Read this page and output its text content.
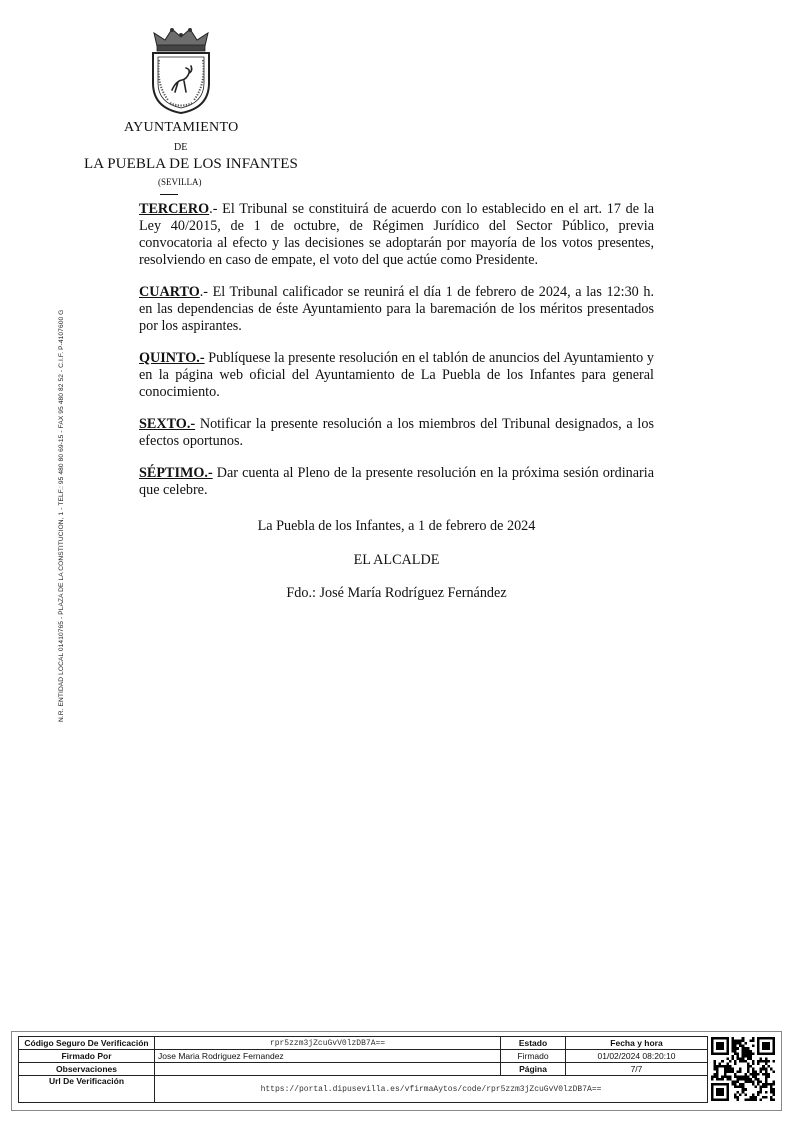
AYUNTAMIENTO
DE
LA PUEBLA DE LOS INFANTES
(SEVILLA)
N.R. ENTIDAD LOCAL 01410765 - PLAZA DE LA CONSTITUCION, 1 - TELF.: 95 480 80 69-15 - FAX 95 480 82 52 - C.I.F. P-4107600 G

TERCERO.- El Tribunal se constituirá de acuerdo con lo establecido en el art. 17 de la Ley 40/2015, de 1 de octubre, de Régimen Jurídico del Sector Público, previa convocatoria al efecto y las decisiones se adoptarán por mayoría de los votos presentes, resolviendo en caso de empate, el voto del que actúe como Presidente.

CUARTO.- El Tribunal calificador se reunirá el día 1 de febrero de 2024, a las 12:30 h. en las dependencias de éste Ayuntamiento para la baremación de los méritos presentados por los aspirantes.

QUINTO.- Publíquese la presente resolución en el tablón de anuncios del Ayuntamiento y en la página web oficial del Ayuntamiento de La Puebla de los Infantes para general conocimiento.

SEXTO.- Notificar la presente resolución a los miembros del Tribunal designados, a los efectos oportunos.

SÉPTIMO.- Dar cuenta al Pleno de la presente resolución en la próxima sesión ordinaria que celebre.

La Puebla de los Infantes, a 1 de febrero de 2024
EL ALCALDE
Fdo.: José María Rodríguez Fernández
Código Seguro De Verificación	rpr5zzm3jZcuGvV0lzDB7A==	Estado	Fecha y hora
Firmado Por	Jose Maria Rodriguez Fernandez	Firmado	01/02/2024 08:20:10
Observaciones		Página	7/7
Url De Verificación	https://portal.dipusevilla.es/vfirmaAytos/code/rpr5zzm3jZcuGvV0lzDB7A==		
